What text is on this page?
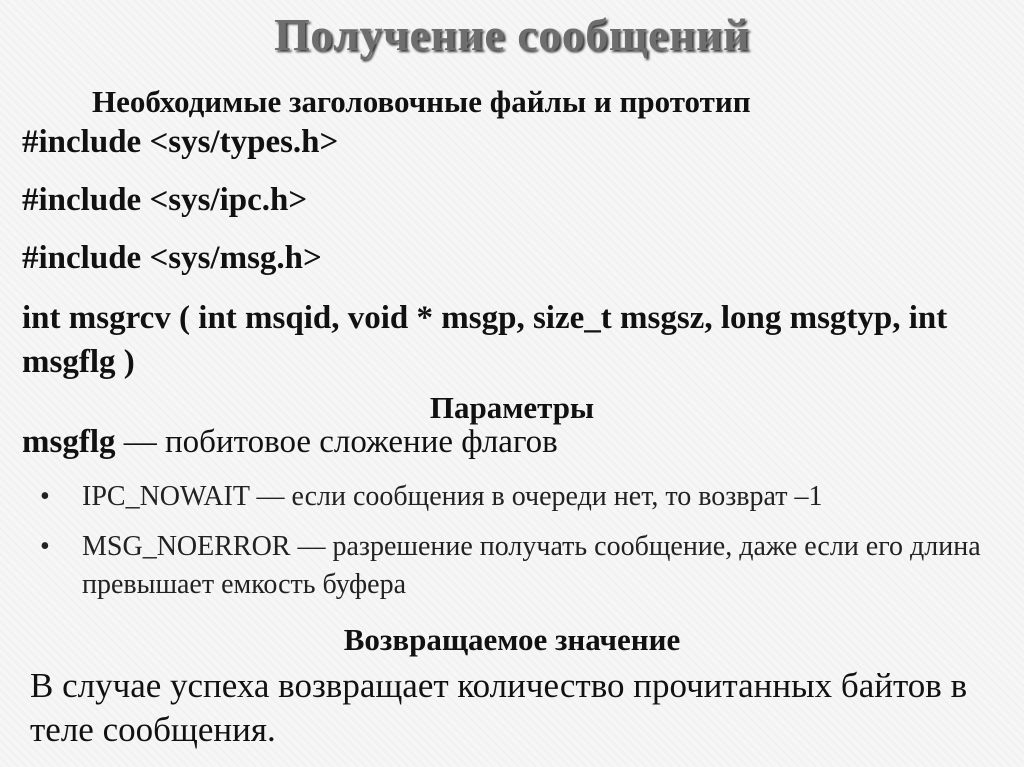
Получение сообщений
Необходимые заголовочные файлы и прототип
#include <sys/types.h>
#include <sys/ipc.h>
#include <sys/msg.h>
int msgrcv ( int msqid, void * msgp, size_t msgsz, long msgtyp, int msgflg )
Параметры
msgflg — побитовое сложение флагов
•	IPC_NOWAIT — если сообщения в очереди нет, то возврат –1
•	MSG_NOERROR — разрешение получать сообщение, даже если его длина превышает емкость буфера
Возвращаемое значение
В случае успеха возвращает количество прочитанных байтов в теле сообщения.
